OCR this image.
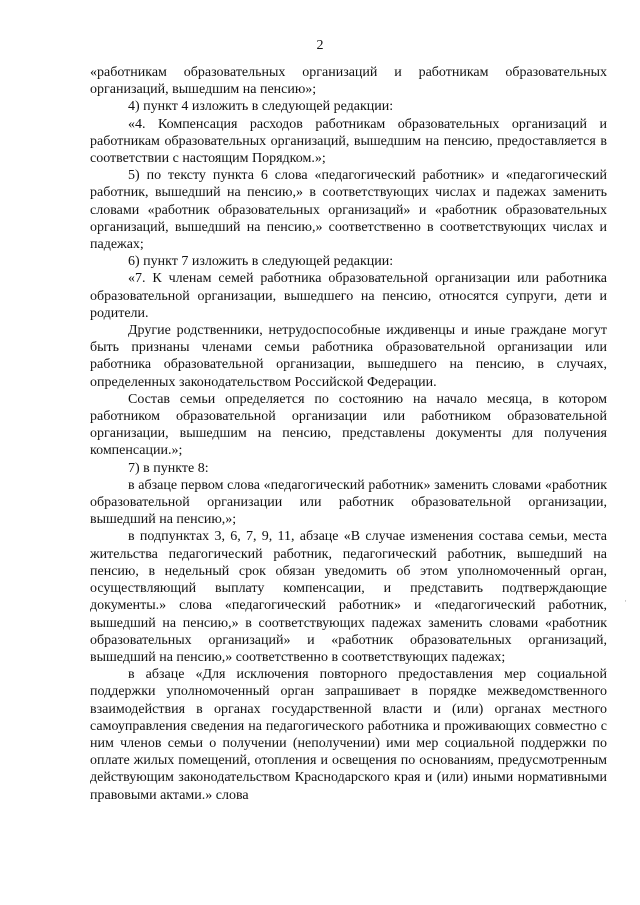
2

«работникам образовательных организаций и работникам образовательных организаций, вышедшим на пенсию»;

4) пункт 4 изложить в следующей редакции:

«4. Компенсация расходов работникам образовательных организаций и работникам образовательных организаций, вышедшим на пенсию, предоставляется в соответствии с настоящим Порядком.»;

5) по тексту пункта 6 слова «педагогический работник» и «педагогический работник, вышедший на пенсию,» в соответствующих числах и падежах заменить словами «работник образовательных организаций» и «работник образовательных организаций, вышедший на пенсию,» соответственно в соответствующих числах и падежах;

6) пункт 7 изложить в следующей редакции:

«7. К членам семей работника образовательной организации или работника образовательной организации, вышедшего на пенсию, относятся супруги, дети и родители.

Другие родственники, нетрудоспособные иждивенцы и иные граждане могут быть признаны членами семьи работника образовательной организации или работника образовательной организации, вышедшего на пенсию, в случаях, определенных законодательством Российской Федерации.

Состав семьи определяется по состоянию на начало месяца, в котором работником образовательной организации или работником образовательной организации, вышедшим на пенсию, представлены документы для получения компенсации.»;

7) в пункте 8:

в абзаце первом слова «педагогический работник» заменить словами «работник образовательной организации или работник образовательной организации, вышедший на пенсию,»;

в подпунктах 3, 6, 7, 9, 11, абзаце «В случае изменения состава семьи, места жительства педагогический работник, педагогический работник, вышедший на пенсию, в недельный срок обязан уведомить об этом уполномоченный орган, осуществляющий выплату компенсации, и представить подтверждающие документы.» слова «педагогический работник» и «педагогический работник, вышедший на пенсию,» в соответствующих падежах заменить словами «работник образовательных организаций» и «работник образовательных организаций, вышедший на пенсию,» соответственно в соответствующих падежах;

в абзаце «Для исключения повторного предоставления мер социальной поддержки уполномоченный орган запрашивает в порядке межведомственного взаимодействия в органах государственной власти и (или) органах местного самоуправления сведения на педагогического работника и проживающих совместно с ним членов семьи о получении (неполучении) ими мер социальной поддержки по оплате жилых помещений, отопления и освещения по основаниям, предусмотренным действующим законодательством Краснодарского края и (или) иными нормативными правовыми актами.» слова

·
